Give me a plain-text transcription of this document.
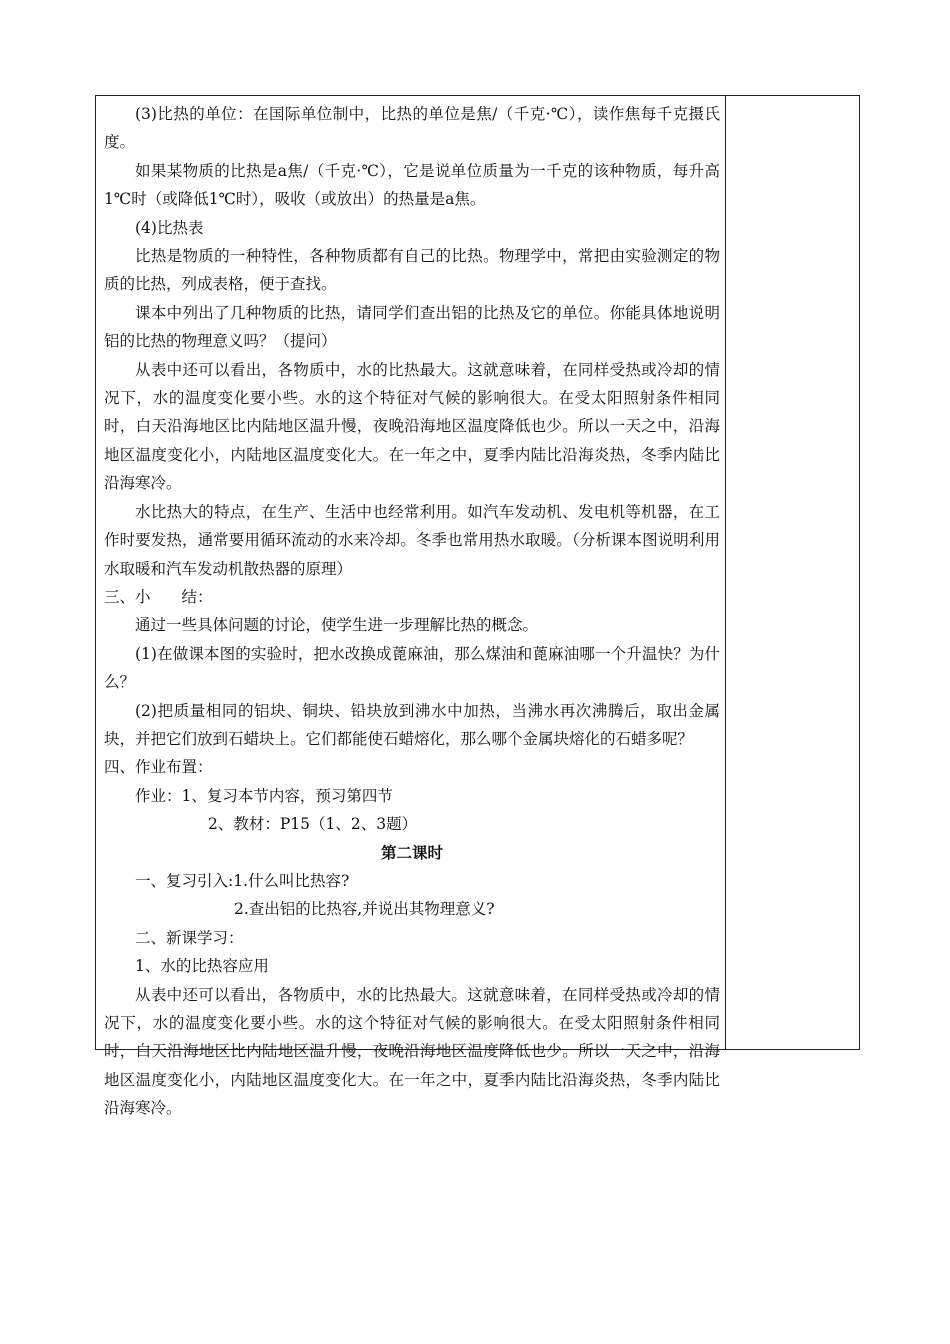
(3)比热的单位：在国际单位制中，比热的单位是焦/（千克·℃），读作焦每千克摄氏度。

如果某物质的比热是a焦/（千克·℃），它是说单位质量为一千克的该种物质，每升高1℃时（或降低1℃时），吸收（或放出）的热量是a焦。

(4)比热表

比热是物质的一种特性，各种物质都有自己的比热。物理学中，常把由实验测定的物质的比热，列成表格，便于查找。

课本中列出了几种物质的比热，请同学们查出铝的比热及它的单位。你能具体地说明铝的比热的物理意义吗？（提问）

从表中还可以看出，各物质中，水的比热最大。这就意味着，在同样受热或冷却的情况下，水的温度变化要小些。水的这个特征对气候的影响很大。在受太阳照射条件相同时，白天沿海地区比内陆地区温升慢，夜晚沿海地区温度降低也少。所以一天之中，沿海地区温度变化小，内陆地区温度变化大。在一年之中，夏季内陆比沿海炎热，冬季内陆比沿海寒冷。

水比热大的特点，在生产、生活中也经常利用。如汽车发动机、发电机等机器，在工作时要发热，通常要用循环流动的水来冷却。冬季也常用热水取暖。（分析课本图说明利用水取暖和汽车发动机散热器的原理）

三、小　　结：

通过一些具体问题的讨论，使学生进一步理解比热的概念。

(1)在做课本图的实验时，把水改换成蓖麻油，那么煤油和蓖麻油哪一个升温快？为什么？

(2)把质量相同的铝块、铜块、铅块放到沸水中加热，当沸水再次沸腾后，取出金属块，并把它们放到石蜡块上。它们都能使石蜡熔化，那么哪个金属块熔化的石蜡多呢？

四、作业布置：

作业：1、复习本节内容，预习第四节

2、教材：P15（1、2、3题）

第二课时

一、复习引入:1.什么叫比热容?

2.查出铝的比热容,并说出其物理意义?

二、新课学习：

1、水的比热容应用

从表中还可以看出，各物质中，水的比热最大。这就意味着，在同样受热或冷却的情况下，水的温度变化要小些。水的这个特征对气候的影响很大。在受太阳照射条件相同时，白天沿海地区比内陆地区温升慢，夜晚沿海地区温度降低也少。所以一天之中，沿海地区温度变化小，内陆地区温度变化大。在一年之中，夏季内陆比沿海炎热，冬季内陆比沿海寒冷。
